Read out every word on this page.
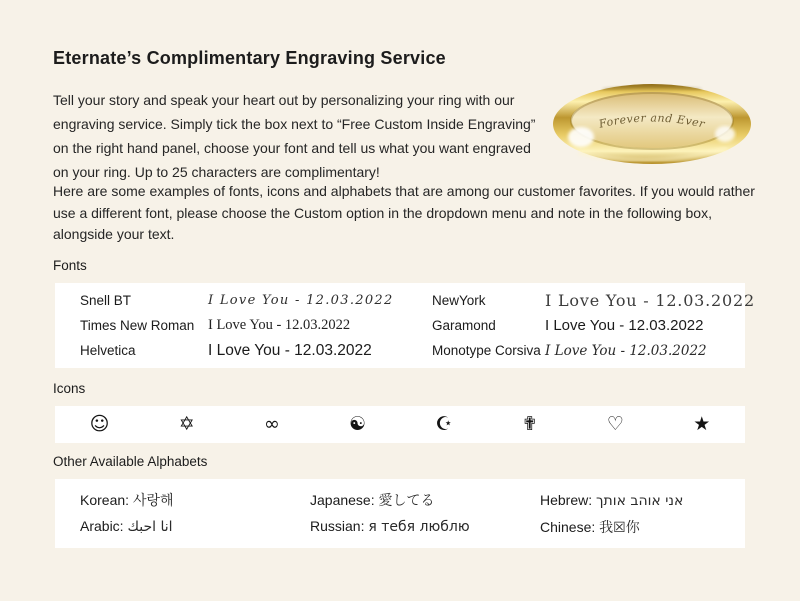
Eternate’s Complimentary Engraving Service

Tell your story and speak your heart out by personalizing your ring with our engraving service. Simply tick the box next to “Free Custom Inside Engraving” on the right hand panel, choose your font and tell us what you want engraved on your ring. Up to 25 characters are complimentary!

Forever and Ever

Here are some examples of fonts, icons and alphabets that are among our customer favorites. If you would rather use a different font, please choose the Custom option in the dropdown menu and note in the following box, alongside your text.

Fonts
Snell BT	I Love You - 12.03.2022	NewYork	I Love You - 12.03.2022
Times New Roman I Love You - 12.03.2022	Garamond	I Love You - 12.03.2022
Helvetica	I Love You - 12.03.2022	Monotype Corsiva I Love You - 12.03.2022
Icons
☺	✡	∞	☯	☪	✟	♡	★
Other Available Alphabets
Korean: 사랑해	Japanese: 愛してる	Hebrew: אני אוהב אותך
Arabic: انا احبك	Russian: я тебя люблю	Chinese: 我☒你
